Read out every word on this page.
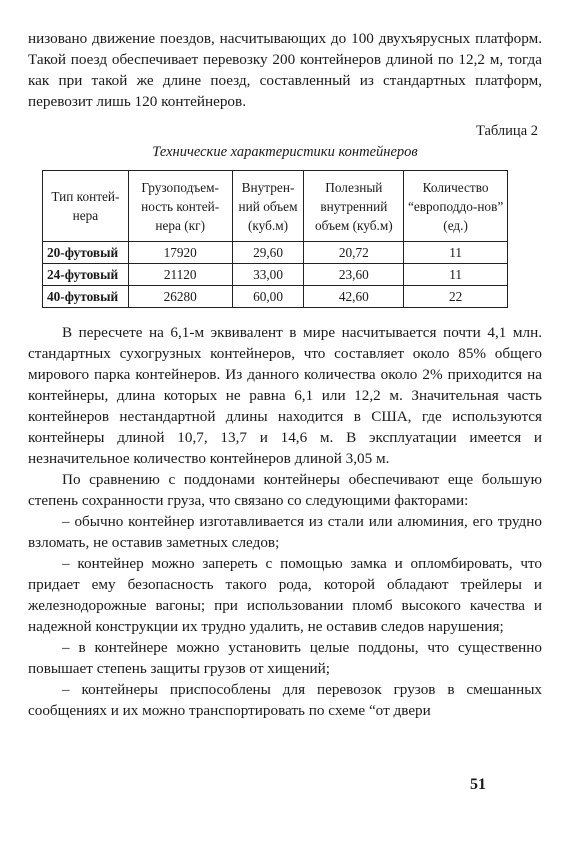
низовано движение поездов, насчитывающих до 100 двухъярусных платформ. Такой поезд обеспечивает перевозку 200 контейнеров длиной по 12,2 м, тогда как при такой же длине поезд, составленный из стандартных платформ, перевозит лишь 120 контейнеров.

Таблица 2
Технические характеристики контейнеров
Тип контей-нера	Грузоподъем-ность контей-нера (кг)	Внутрен-ний объем (куб.м)	Полезный внутренний объем (куб.м)	Количество “европоддо-нов” (ед.)
20-футовый	17920	29,60	20,72	11
24-футовый	21120	33,00	23,60	11
40-футовый	26280	60,00	42,60	22

В пересчете на 6,1-м эквивалент в мире насчитывается почти 4,1 млн. стандартных сухогрузных контейнеров, что составляет около 85% общего мирового парка контейнеров. Из данного количества около 2% приходится на контейнеры, длина которых не равна 6,1 или 12,2 м. Значительная часть контейнеров нестандартной длины находится в США, где используются контейнеры длиной 10,7, 13,7 и 14,6 м. В эксплуатации имеется и незначительное количество контейнеров длиной 3,05 м.

По сравнению с поддонами контейнеры обеспечивают еще большую степень сохранности груза, что связано со следующими факторами:

– обычно контейнер изготавливается из стали или алюминия, его трудно взломать, не оставив заметных следов;

– контейнер можно запереть с помощью замка и опломбировать, что придает ему безопасность такого рода, которой обладают трейлеры и железнодорожные вагоны; при использовании пломб высокого качества и надежной конструкции их трудно удалить, не оставив следов нарушения;

– в контейнере можно установить целые поддоны, что существенно повышает степень защиты грузов от хищений;

– контейнеры приспособлены для перевозок грузов в смешанных сообщениях и их можно транспортировать по схеме “от двери

51
